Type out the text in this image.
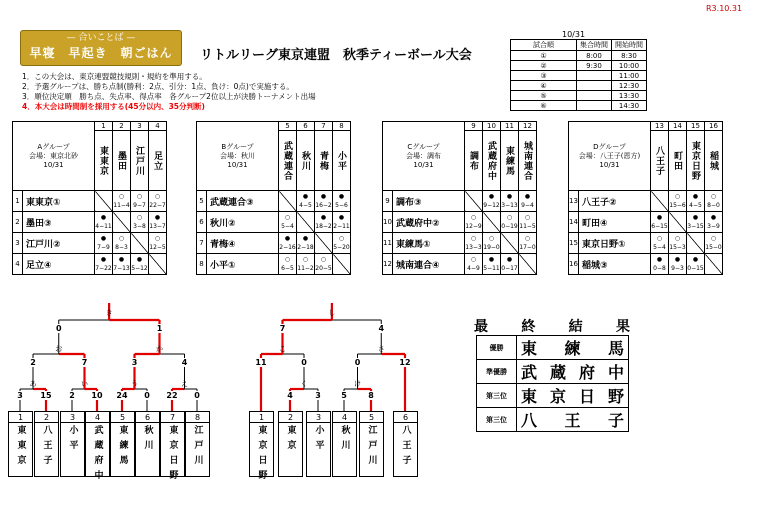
R3.10.31
— 合いことば —
早寝　早起き　朝ごはん	リトルリーグ東京連盟　秋季ティーボール大会
10/31
試合順	集合時間	開始時間	
①	8:00	8:30	
②	9:30	10:00	
③		11:00	
④		12:30	
⑤		13:30	
⑥		14:30	
1．この大会は、東京連盟競技規則・規約を準用する。
2．予選グループは、勝ち点制(勝利：2点、引分：1点、負け：0点)で実施する。
3．順位決定順　勝ち点、失点率、得点率　各グループ2位以上が決勝トーナメント出場
4．本大会は時間制を採用する(45分以内、35分判断)
Aグループ
会場：東京北砂
10/31		1	2	3	4
		東東京	墨田	江戸川	足立
1	東東京①		○ 11−4	○ 9−7	○ 22−7
2	墨田③	● 4−11		○ 3−8	● 13−7
3	江戸川②	● 7−9	○ 8−3		○ 12−5
4	足立④	● 7−22	● 7−13	● 5−12	
Bグループ
会場：秋川
10/31		5	6	7	8
		武蔵連合	秋川	青梅	小平
5	武蔵連合③		● 4−5	● 16−2	● 5−6
6	秋川②	○ 5−4		● 18−2	● 2−11
7	青梅④	● 2−16	● 2−18		○ 5−20
8	小平①	○ 6−5	○ 11−2	○ 20−5	
Cグループ
会場：調布
10/31		9	10	11	12
		調布	武蔵府中	東練馬	城南連合
9	調布③		● 9−12	● 3−13	● 9−4
10	武蔵府中②	○ 12−9		○ 0−19	○ 11−5
11	東練馬①	○ 13−3	○ 19−0		○ 17−0
12	城南連合④	○ 4−9	● 5−11	● 0−17	
Dグループ
会場：八王子(恩方)
10/31		13	14	15	16
		八王子	町田	東京日野	稲城
13	八王子②		○ 15−6	● 4−5	○ 8−0
14	町田④	● 6−15		● 3−15	● 3−9
15	東京日野①	○ 5−4	○ 15−3		○ 15−0
16	稲城③	● 0−8	● 9−3	● 0−15	
1
東東京
2
八王子
3
小平
4
武蔵府中
5
東練馬
6
秋川
7
東京日野
8
江戸川
あ
3	15
い
2	10
う
24	0
え
22	0
お
2	7
か
3	4
き
0	1
1
東京日野
2
東京
3
小平
4
秋川
5
江戸川
6
八王子
く
4	3
け
5	8
こ
11	0
さ
0	12
し
7	4	最 終 結 果
優勝	東 練 馬

準優勝	武 蔵 府 中

第三位	東 京 日 野

第三位	八 王 子
